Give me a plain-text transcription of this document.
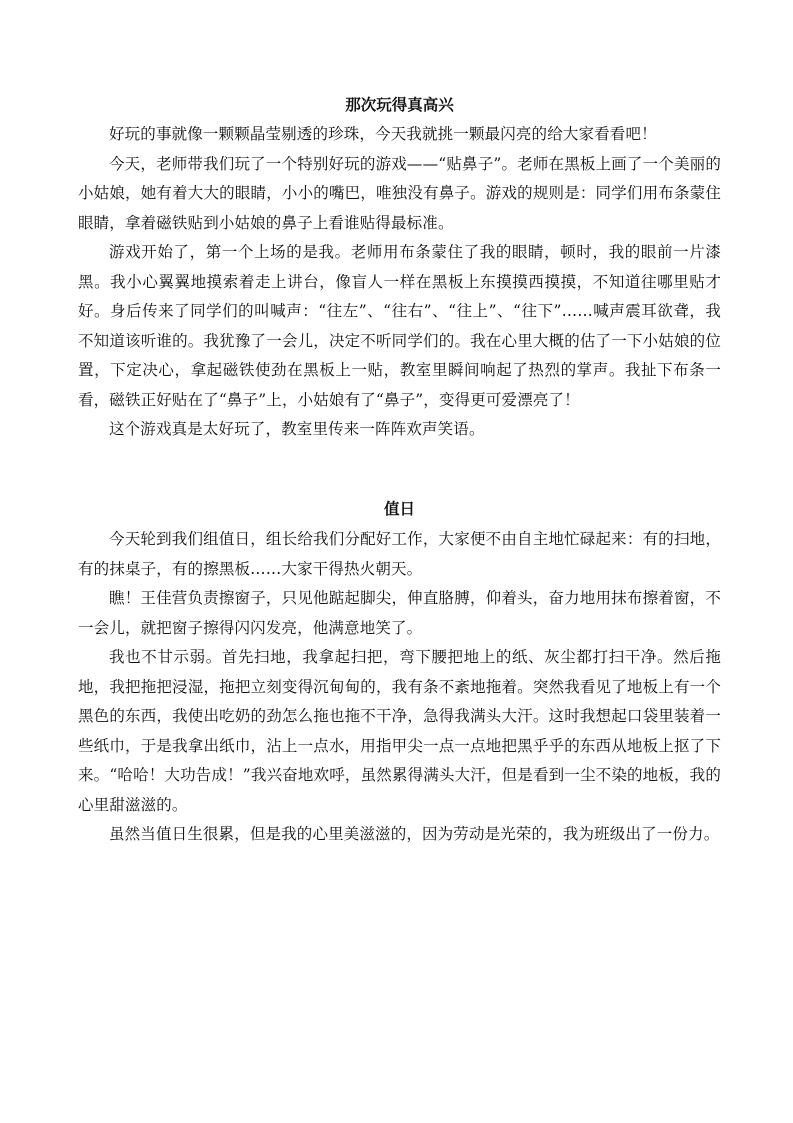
那次玩得真高兴

好玩的事就像一颗颗晶莹剔透的珍珠，今天我就挑一颗最闪亮的给大家看看吧！

今天，老师带我们玩了一个特别好玩的游戏——“贴鼻子”。老师在黑板上画了一个美丽的小姑娘，她有着大大的眼睛，小小的嘴巴，唯独没有鼻子。游戏的规则是：同学们用布条蒙住眼睛，拿着磁铁贴到小姑娘的鼻子上看谁贴得最标准。

游戏开始了，第一个上场的是我。老师用布条蒙住了我的眼睛，顿时，我的眼前一片漆黑。我小心翼翼地摸索着走上讲台，像盲人一样在黑板上东摸摸西摸摸，不知道往哪里贴才好。身后传来了同学们的叫喊声：“往左”、“往右”、“往上”、“往下”……喊声震耳欲聋，我不知道该听谁的。我犹豫了一会儿，决定不听同学们的。我在心里大概的估了一下小姑娘的位置，下定决心，拿起磁铁使劲在黑板上一贴，教室里瞬间响起了热烈的掌声。我扯下布条一看，磁铁正好贴在了“鼻子”上，小姑娘有了“鼻子”，变得更可爱漂亮了！

这个游戏真是太好玩了，教室里传来一阵阵欢声笑语。

值日

今天轮到我们组值日，组长给我们分配好工作，大家便不由自主地忙碌起来：有的扫地，有的抹桌子，有的擦黑板……大家干得热火朝天。

瞧！王佳营负责擦窗子，只见他踮起脚尖，伸直胳膊，仰着头，奋力地用抹布擦着窗，不一会儿，就把窗子擦得闪闪发亮，他满意地笑了。

我也不甘示弱。首先扫地，我拿起扫把，弯下腰把地上的纸、灰尘都打扫干净。然后拖地，我把拖把浸湿，拖把立刻变得沉甸甸的，我有条不紊地拖着。突然我看见了地板上有一个黑色的东西，我使出吃奶的劲怎么拖也拖不干净，急得我满头大汗。这时我想起口袋里装着一些纸巾，于是我拿出纸巾，沾上一点水，用指甲尖一点一点地把黑乎乎的东西从地板上抠了下来。“哈哈！大功告成！”我兴奋地欢呼，虽然累得满头大汗，但是看到一尘不染的地板，我的心里甜滋滋的。

虽然当值日生很累，但是我的心里美滋滋的，因为劳动是光荣的，我为班级出了一份力。
